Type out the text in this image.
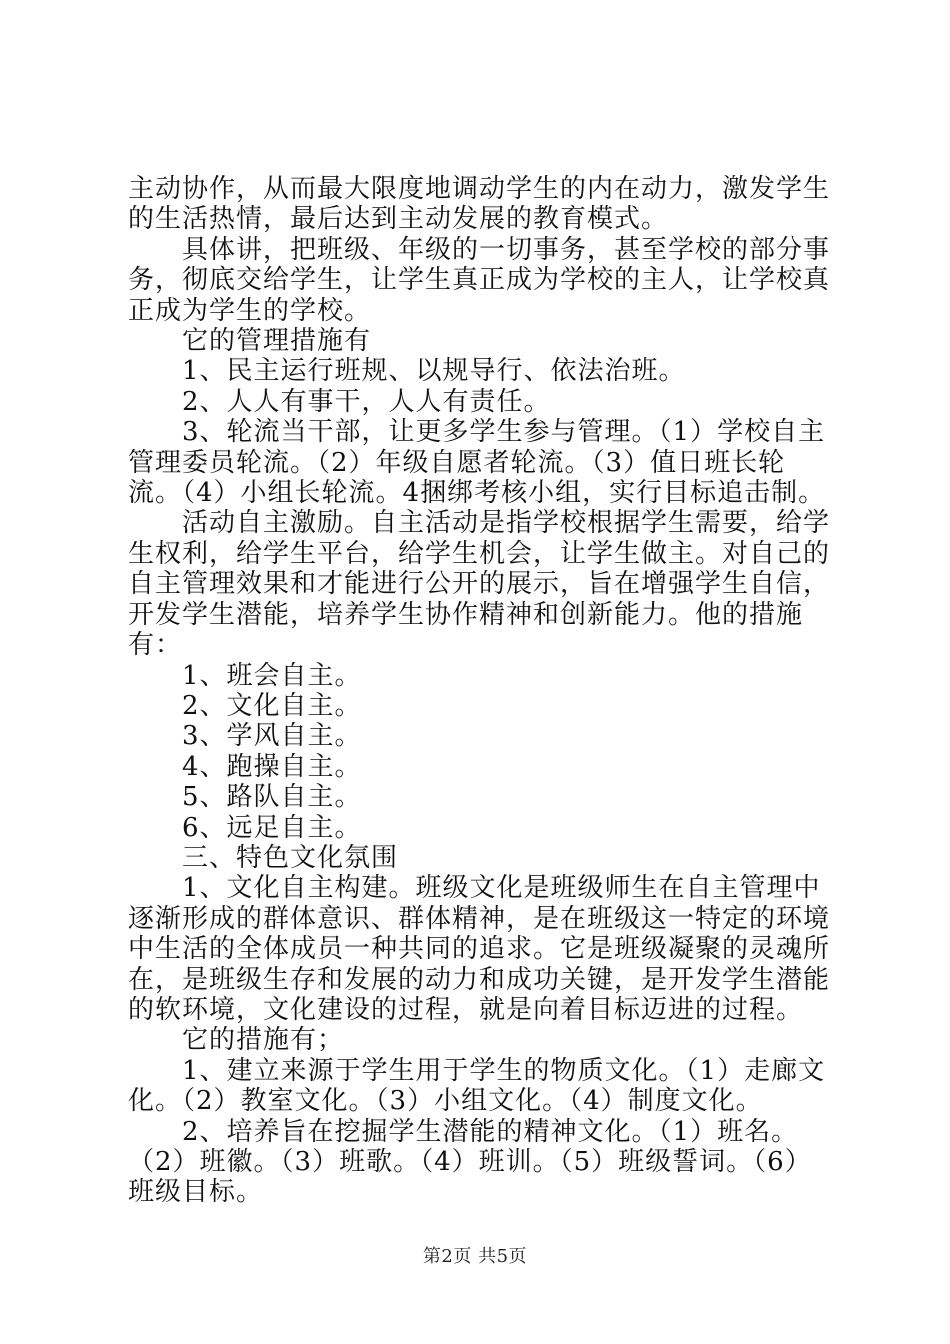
主动协作，从而最大限度地调动学生的内在动力，激发学生的生活热情，最后达到主动发展的教育模式。

具体讲，把班级、年级的一切事务，甚至学校的部分事务，彻底交给学生，让学生真正成为学校的主人，让学校真正成为学生的学校。

它的管理措施有

1、民主运行班规、以规导行、依法治班。

2、人人有事干，人人有责任。

3、轮流当干部，让更多学生参与管理。（1）学校自主管理委员轮流。（2）年级自愿者轮流。（3）值日班长轮流。（4）小组长轮流。4捆绑考核小组，实行目标追击制。

活动自主激励。自主活动是指学校根据学生需要，给学生权利，给学生平台，给学生机会，让学生做主。对自己的自主管理效果和才能进行公开的展示，旨在增强学生自信，开发学生潜能，培养学生协作精神和创新能力。他的措施有：

1、班会自主。

2、文化自主。

3、学风自主。

4、跑操自主。

5、路队自主。

6、远足自主。

三、特色文化氛围

1、文化自主构建。班级文化是班级师生在自主管理中逐渐形成的群体意识、群体精神，是在班级这一特定的环境中生活的全体成员一种共同的追求。它是班级凝聚的灵魂所在，是班级生存和发展的动力和成功关键，是开发学生潜能的软环境，文化建设的过程，就是向着目标迈进的过程。

它的措施有；

1、建立来源于学生用于学生的物质文化。（1）走廊文化。（2）教室文化。（3）小组文化。（4）制度文化。

2、培养旨在挖掘学生潜能的精神文化。（1）班名。（2）班徽。（3）班歌。（4）班训。（5）班级誓词。（6）班级目标。

第2页 共5页
